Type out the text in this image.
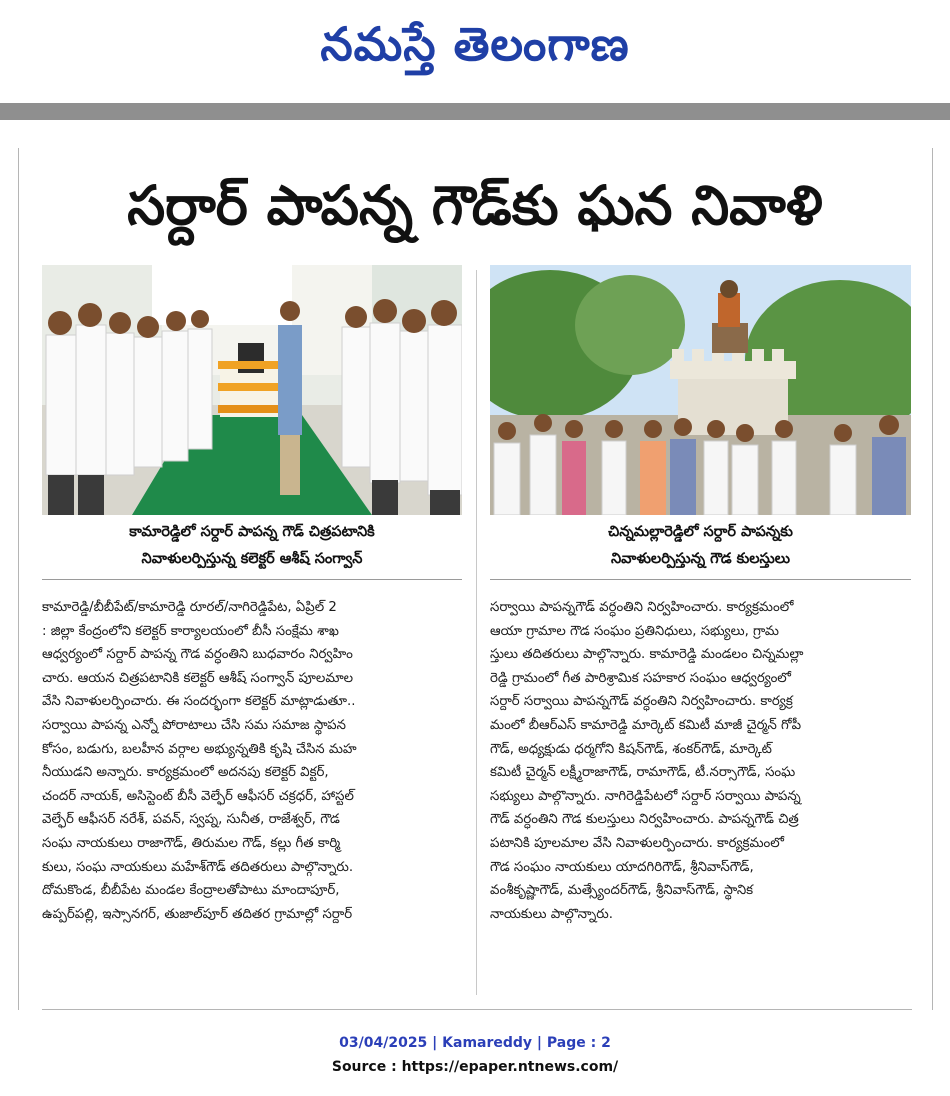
నమస్తే తెలంగాణ
సర్దార్ పాపన్న గౌడ్‌కు ఘన నివాళి
కామారెడ్డిలో సర్దార్ పాపన్న గౌడ్ చిత్రపటానికి
నివాళులర్పిస్తున్న కలెక్టర్ ఆశీష్ సంగ్వాన్
చిన్నమల్లారెడ్డిలో సర్దార్ పాపన్నకు
నివాళులర్పిస్తున్న గౌడ కులస్తులు
కామారెడ్డి/బీబీపేట్/కామారెడ్డి రూరల్/నాగిరెడ్డిపేట, ఏప్రిల్ 2
: జిల్లా కేంద్రంలోని కలెక్టర్ కార్యాలయంలో బీసీ సంక్షేమ శాఖ
ఆధ్వర్యంలో సర్దార్ పాపన్న గౌడ వర్ధంతిని బుధవారం నిర్వహిం
చారు. ఆయన చిత్రపటానికి కలెక్టర్ ఆశీష్ సంగ్వాన్ పూలమాల
వేసి నివాళులర్పించారు. ఈ సందర్భంగా కలెక్టర్ మాట్లాడుతూ..
సర్వాయి పాపన్న ఎన్నో పోరాటాలు చేసి సమ సమాజ స్థాపన
కోసం, బడుగు, బలహీన వర్గాల అభ్యున్నతికి కృషి చేసిన మహ
నీయుడని అన్నారు. కార్యక్రమంలో అదనపు కలెక్టర్ విక్టర్,
చందర్ నాయక్, అసిస్టెంట్ బీసీ వెల్ఫేర్ ఆఫీసర్ చక్రధర్, హాస్టల్
వెల్ఫేర్ ఆఫీసర్ నరేశ్, పవన్, స్వప్న, సునీత, రాజేశ్వర్, గౌడ
సంఘ నాయకులు రాజాగౌడ్, తిరుమల గౌడ్, కల్లు గీత కార్మి
కులు, సంఘ నాయకులు మహేశ్‌గౌడ్ తదితరులు పాల్గొన్నారు.
దోమకొండ, బీబీపేట మండల కేంద్రాలతోపాటు మాందాపూర్,
ఉప్పర్‌పల్లి, ఇస్సానగర్, తుజాల్‌పూర్ తదితర గ్రామాల్లో సర్దార్
సర్వాయి పాపన్నగౌడ్ వర్ధంతిని నిర్వహించారు. కార్యక్రమంలో
ఆయా గ్రామాల గౌడ సంఘం ప్రతినిధులు, సభ్యులు, గ్రామ
స్తులు తదితరులు పాల్గొన్నారు. కామారెడ్డి మండలం చిన్నమల్లా
రెడ్డి గ్రామంలో గీత పారిశ్రామిక సహకార సంఘం ఆధ్వర్యంలో
సర్దార్ సర్వాయి పాపన్నగౌడ్ వర్ధంతిని నిర్వహించారు. కార్యక్ర
మంలో బీఆర్ఎస్ కామారెడ్డి మార్కెట్ కమిటీ మాజీ చైర్మన్ గోపీ
గౌడ్, అధ్యక్షుడు ధర్మగోని కిషన్‌గౌడ్, శంకర్‌గౌడ్, మార్కెట్
కమిటీ చైర్మన్ లక్ష్మీరాజాగౌడ్, రామాగౌడ్, టీ.నర్సాగౌడ్, సంఘ
సభ్యులు పాల్గొన్నారు. నాగిరెడ్డిపేటలో సర్దార్ సర్వాయి పాపన్న
గౌడ్ వర్ధంతిని గౌడ కులస్తులు నిర్వహించారు. పాపన్నగౌడ్ చిత్ర
పటానికి పూలమాల వేసి నివాళులర్పించారు. కార్యక్రమంలో
గౌడ సంఘం నాయకులు యాదగిరిగౌడ్, శ్రీనివాస్‌గౌడ్,
వంశీకృష్ణాగౌడ్, మత్స్యేందర్‌గౌడ్, శ్రీనివాస్‌గౌడ్, స్థానిక
నాయకులు పాల్గొన్నారు.
03/04/2025 | Kamareddy | Page : 2
Source : https://epaper.ntnews.com/
